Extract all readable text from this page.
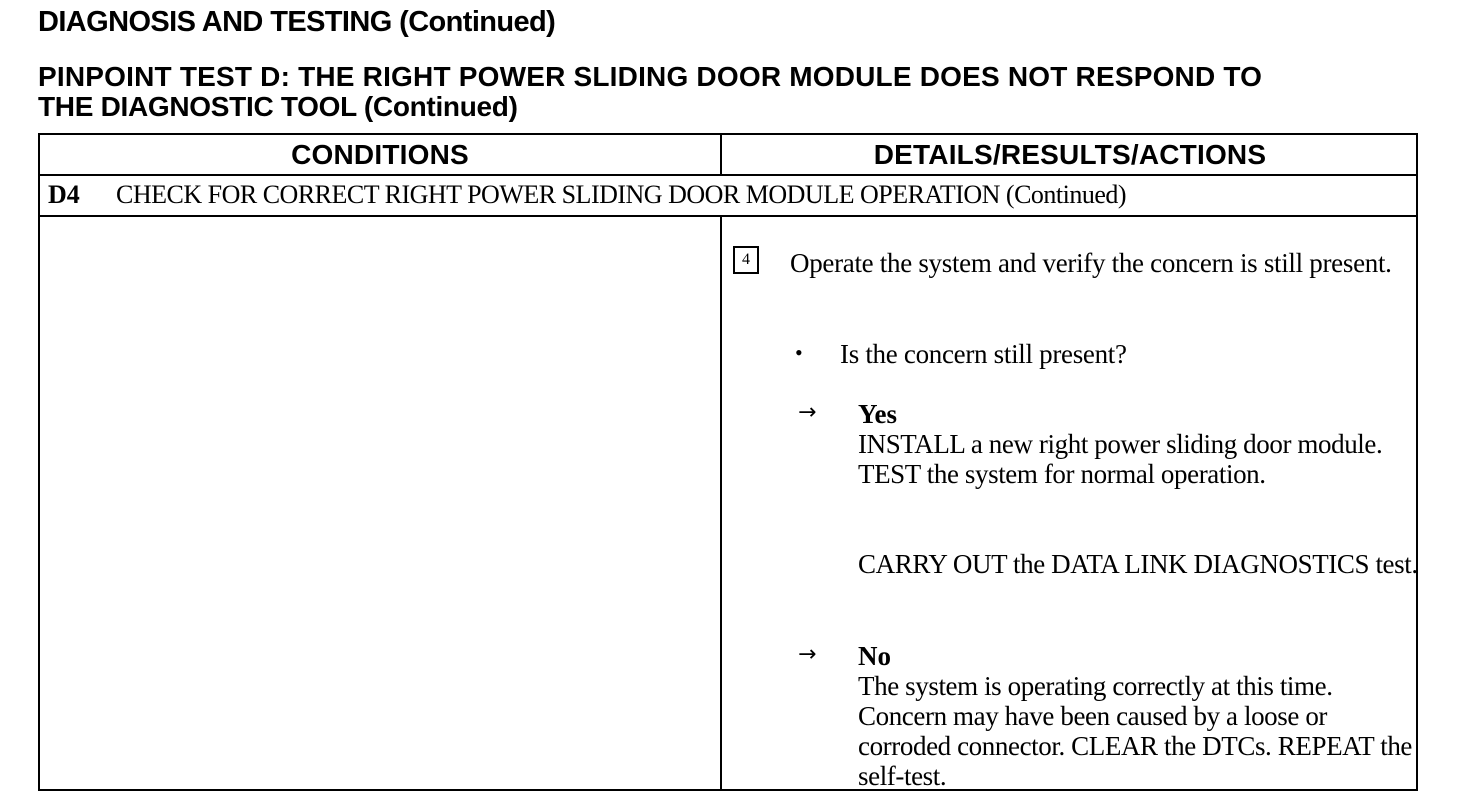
DIAGNOSIS AND TESTING (Continued)
PINPOINT TEST D: THE RIGHT POWER SLIDING DOOR MODULE DOES NOT RESPOND TO
THE DIAGNOSTIC TOOL (Continued)
CONDITIONS	DETAILS/RESULTS/ACTIONS
D4 CHECK FOR CORRECT RIGHT POWER SLIDING DOOR MODULE OPERATION (Continued)
4	Operate the system and verify the concern is still present.
• Is the concern still present?
→ Yes
INSTALL a new right power sliding door module. TEST the system for normal operation.
CARRY OUT the DATA LINK DIAGNOSTICS test.
→ No
The system is operating correctly at this time. Concern may have been caused by a loose or corroded connector. CLEAR the DTCs. REPEAT the self-test.
